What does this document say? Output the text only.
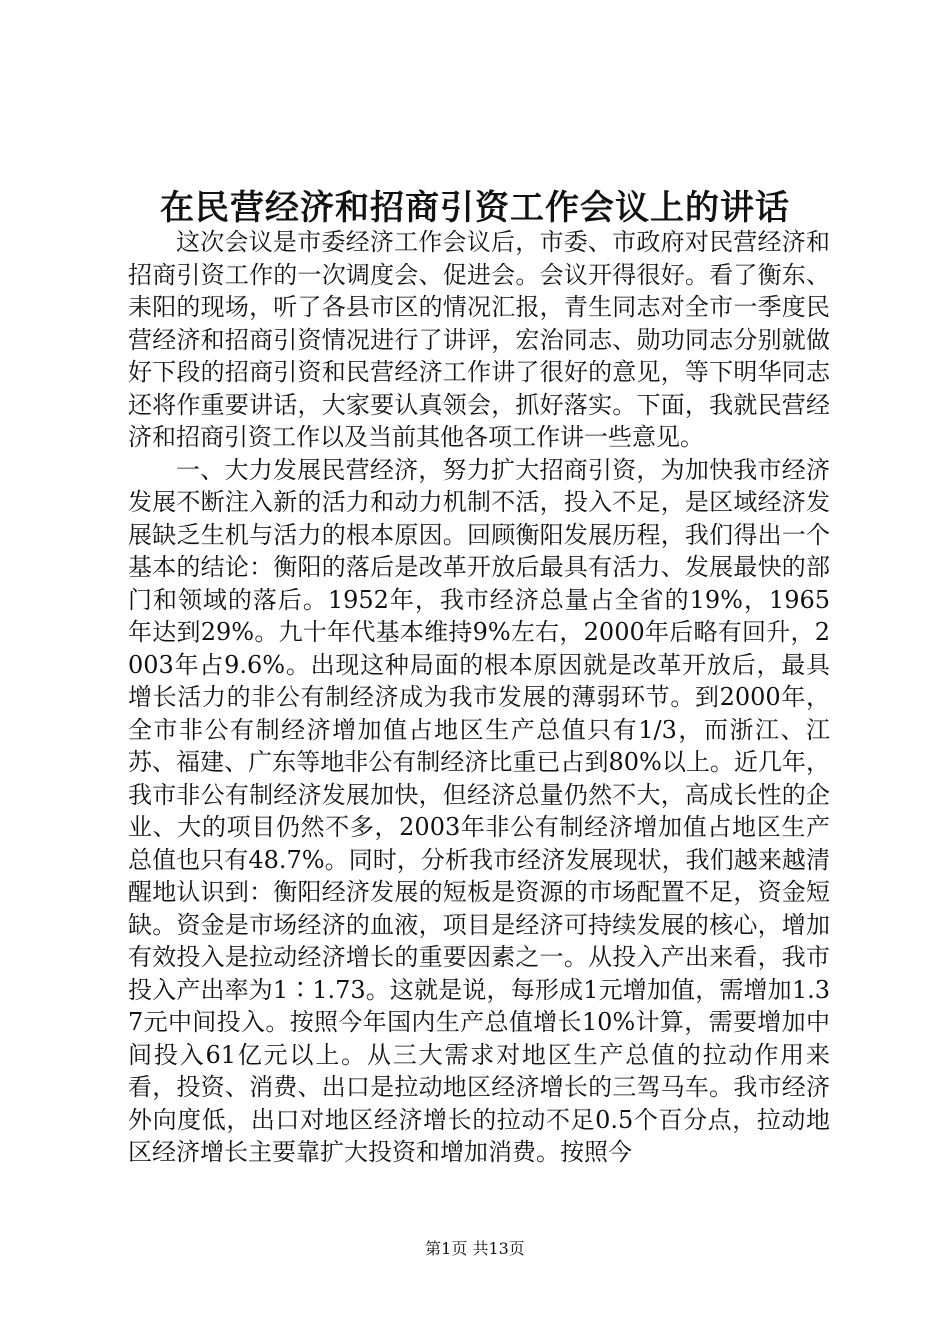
在民营经济和招商引资工作会议上的讲话

这次会议是市委经济工作会议后，市委、市政府对民营经济和招商引资工作的一次调度会、促进会。会议开得很好。看了衡东、耒阳的现场，听了各县市区的情况汇报，青生同志对全市一季度民营经济和招商引资情况进行了讲评，宏治同志、勋功同志分别就做好下段的招商引资和民营经济工作讲了很好的意见，等下明华同志还将作重要讲话，大家要认真领会，抓好落实。下面，我就民营经济和招商引资工作以及当前其他各项工作讲一些意见。

一、大力发展民营经济，努力扩大招商引资，为加快我市经济发展不断注入新的活力和动力机制不活，投入不足，是区域经济发展缺乏生机与活力的根本原因。回顾衡阳发展历程，我们得出一个基本的结论：衡阳的落后是改革开放后最具有活力、发展最快的部门和领域的落后。1952年，我市经济总量占全省的19%，1965年达到29%。九十年代基本维持9%左右，2000年后略有回升，2003年占9.6%。出现这种局面的根本原因就是改革开放后，最具增长活力的非公有制经济成为我市发展的薄弱环节。到2000年，全市非公有制经济增加值占地区生产总值只有1/3，而浙江、江苏、福建、广东等地非公有制经济比重已占到80%以上。近几年，我市非公有制经济发展加快，但经济总量仍然不大，高成长性的企业、大的项目仍然不多，2003年非公有制经济增加值占地区生产总值也只有48.7%。同时，分析我市经济发展现状，我们越来越清醒地认识到：衡阳经济发展的短板是资源的市场配置不足，资金短缺。资金是市场经济的血液，项目是经济可持续发展的核心，增加有效投入是拉动经济增长的重要因素之一。从投入产出来看，我市投入产出率为1∶1.73。这就是说，每形成1元增加值，需增加1.37元中间投入。按照今年国内生产总值增长10%计算，需要增加中间投入61亿元以上。从三大需求对地区生产总值的拉动作用来看，投资、消费、出口是拉动地区经济增长的三驾马车。我市经济外向度低，出口对地区经济增长的拉动不足0.5个百分点，拉动地区经济增长主要靠扩大投资和增加消费。按照今

第1页 共13页
